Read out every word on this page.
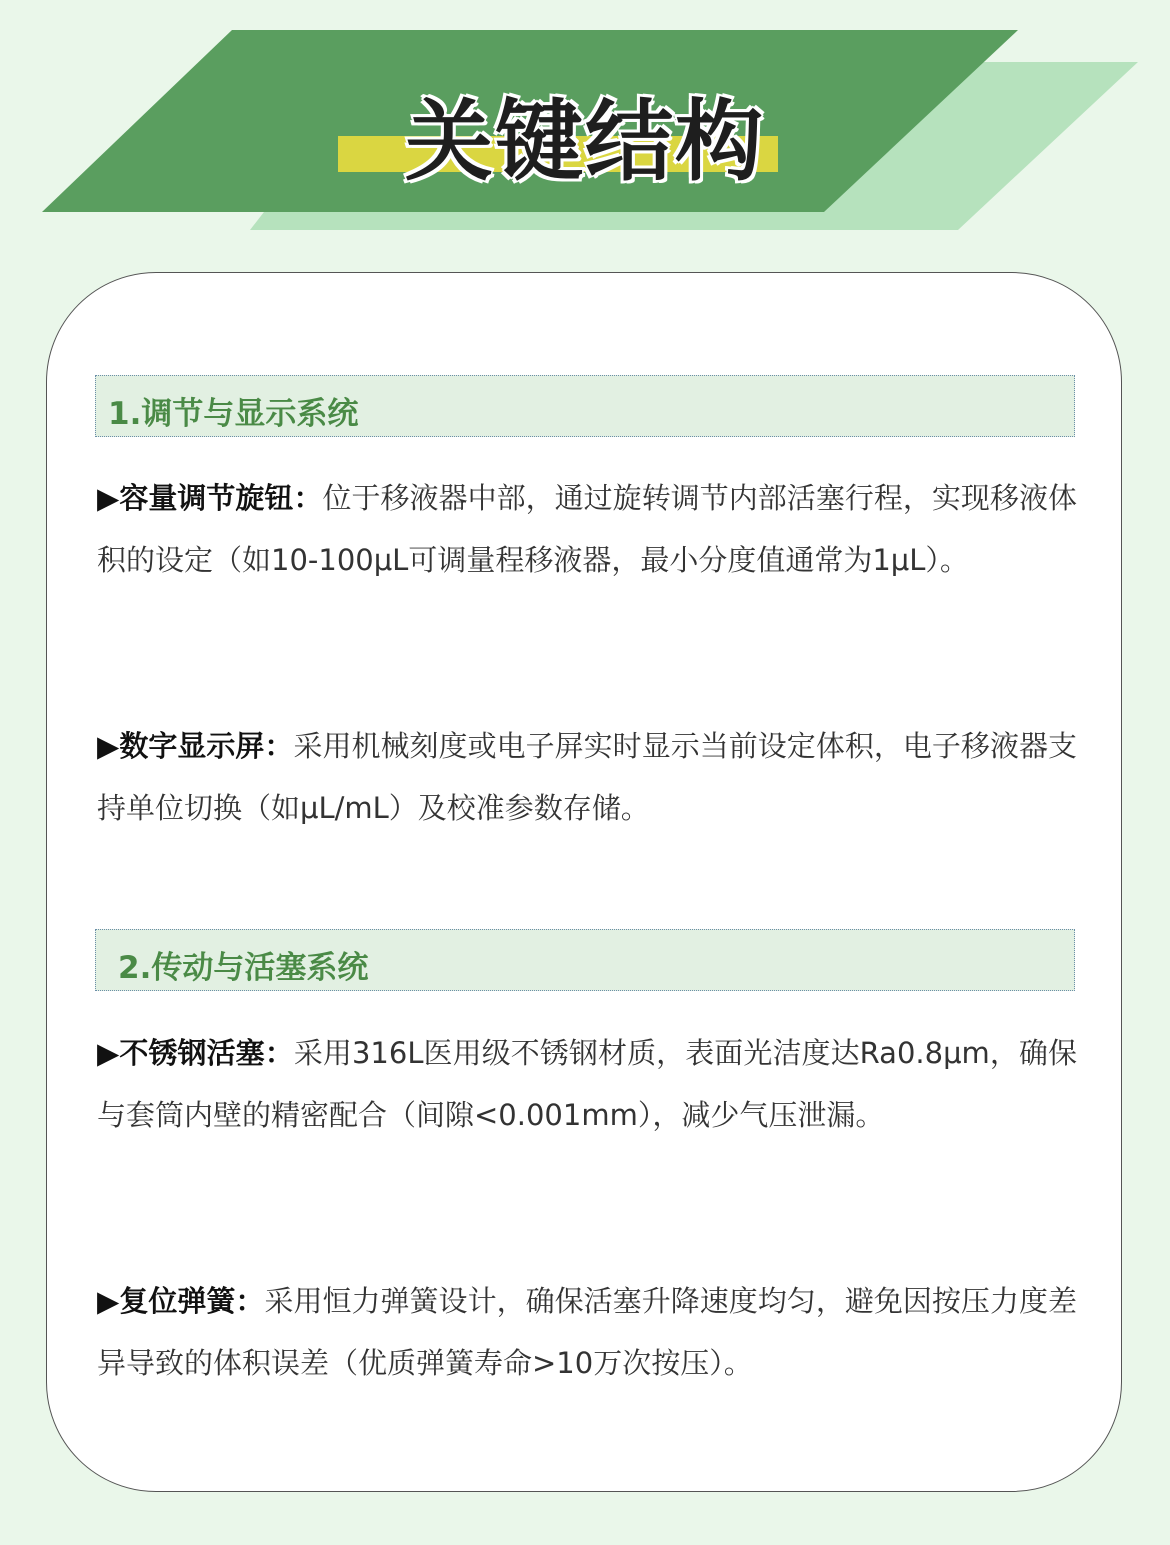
关键结构
1.调节与显示系统

▶容量调节旋钮：位于移液器中部，通过旋转调节内部活塞行程，实现移液体积的设定（如10-100μL可调量程移液器，最小分度值通常为1μL）。

▶数字显示屏：采用机械刻度或电子屏实时显示当前设定体积，电子移液器支持单位切换（如μL/mL）及校准参数存储。

2.传动与活塞系统

▶不锈钢活塞：采用316L医用级不锈钢材质，表面光洁度达Ra0.8μm，确保与套筒内壁的精密配合（间隙<0.001mm），减少气压泄漏。

▶复位弹簧：采用恒力弹簧设计，确保活塞升降速度均匀，避免因按压力度差异导致的体积误差（优质弹簧寿命>10万次按压）。
